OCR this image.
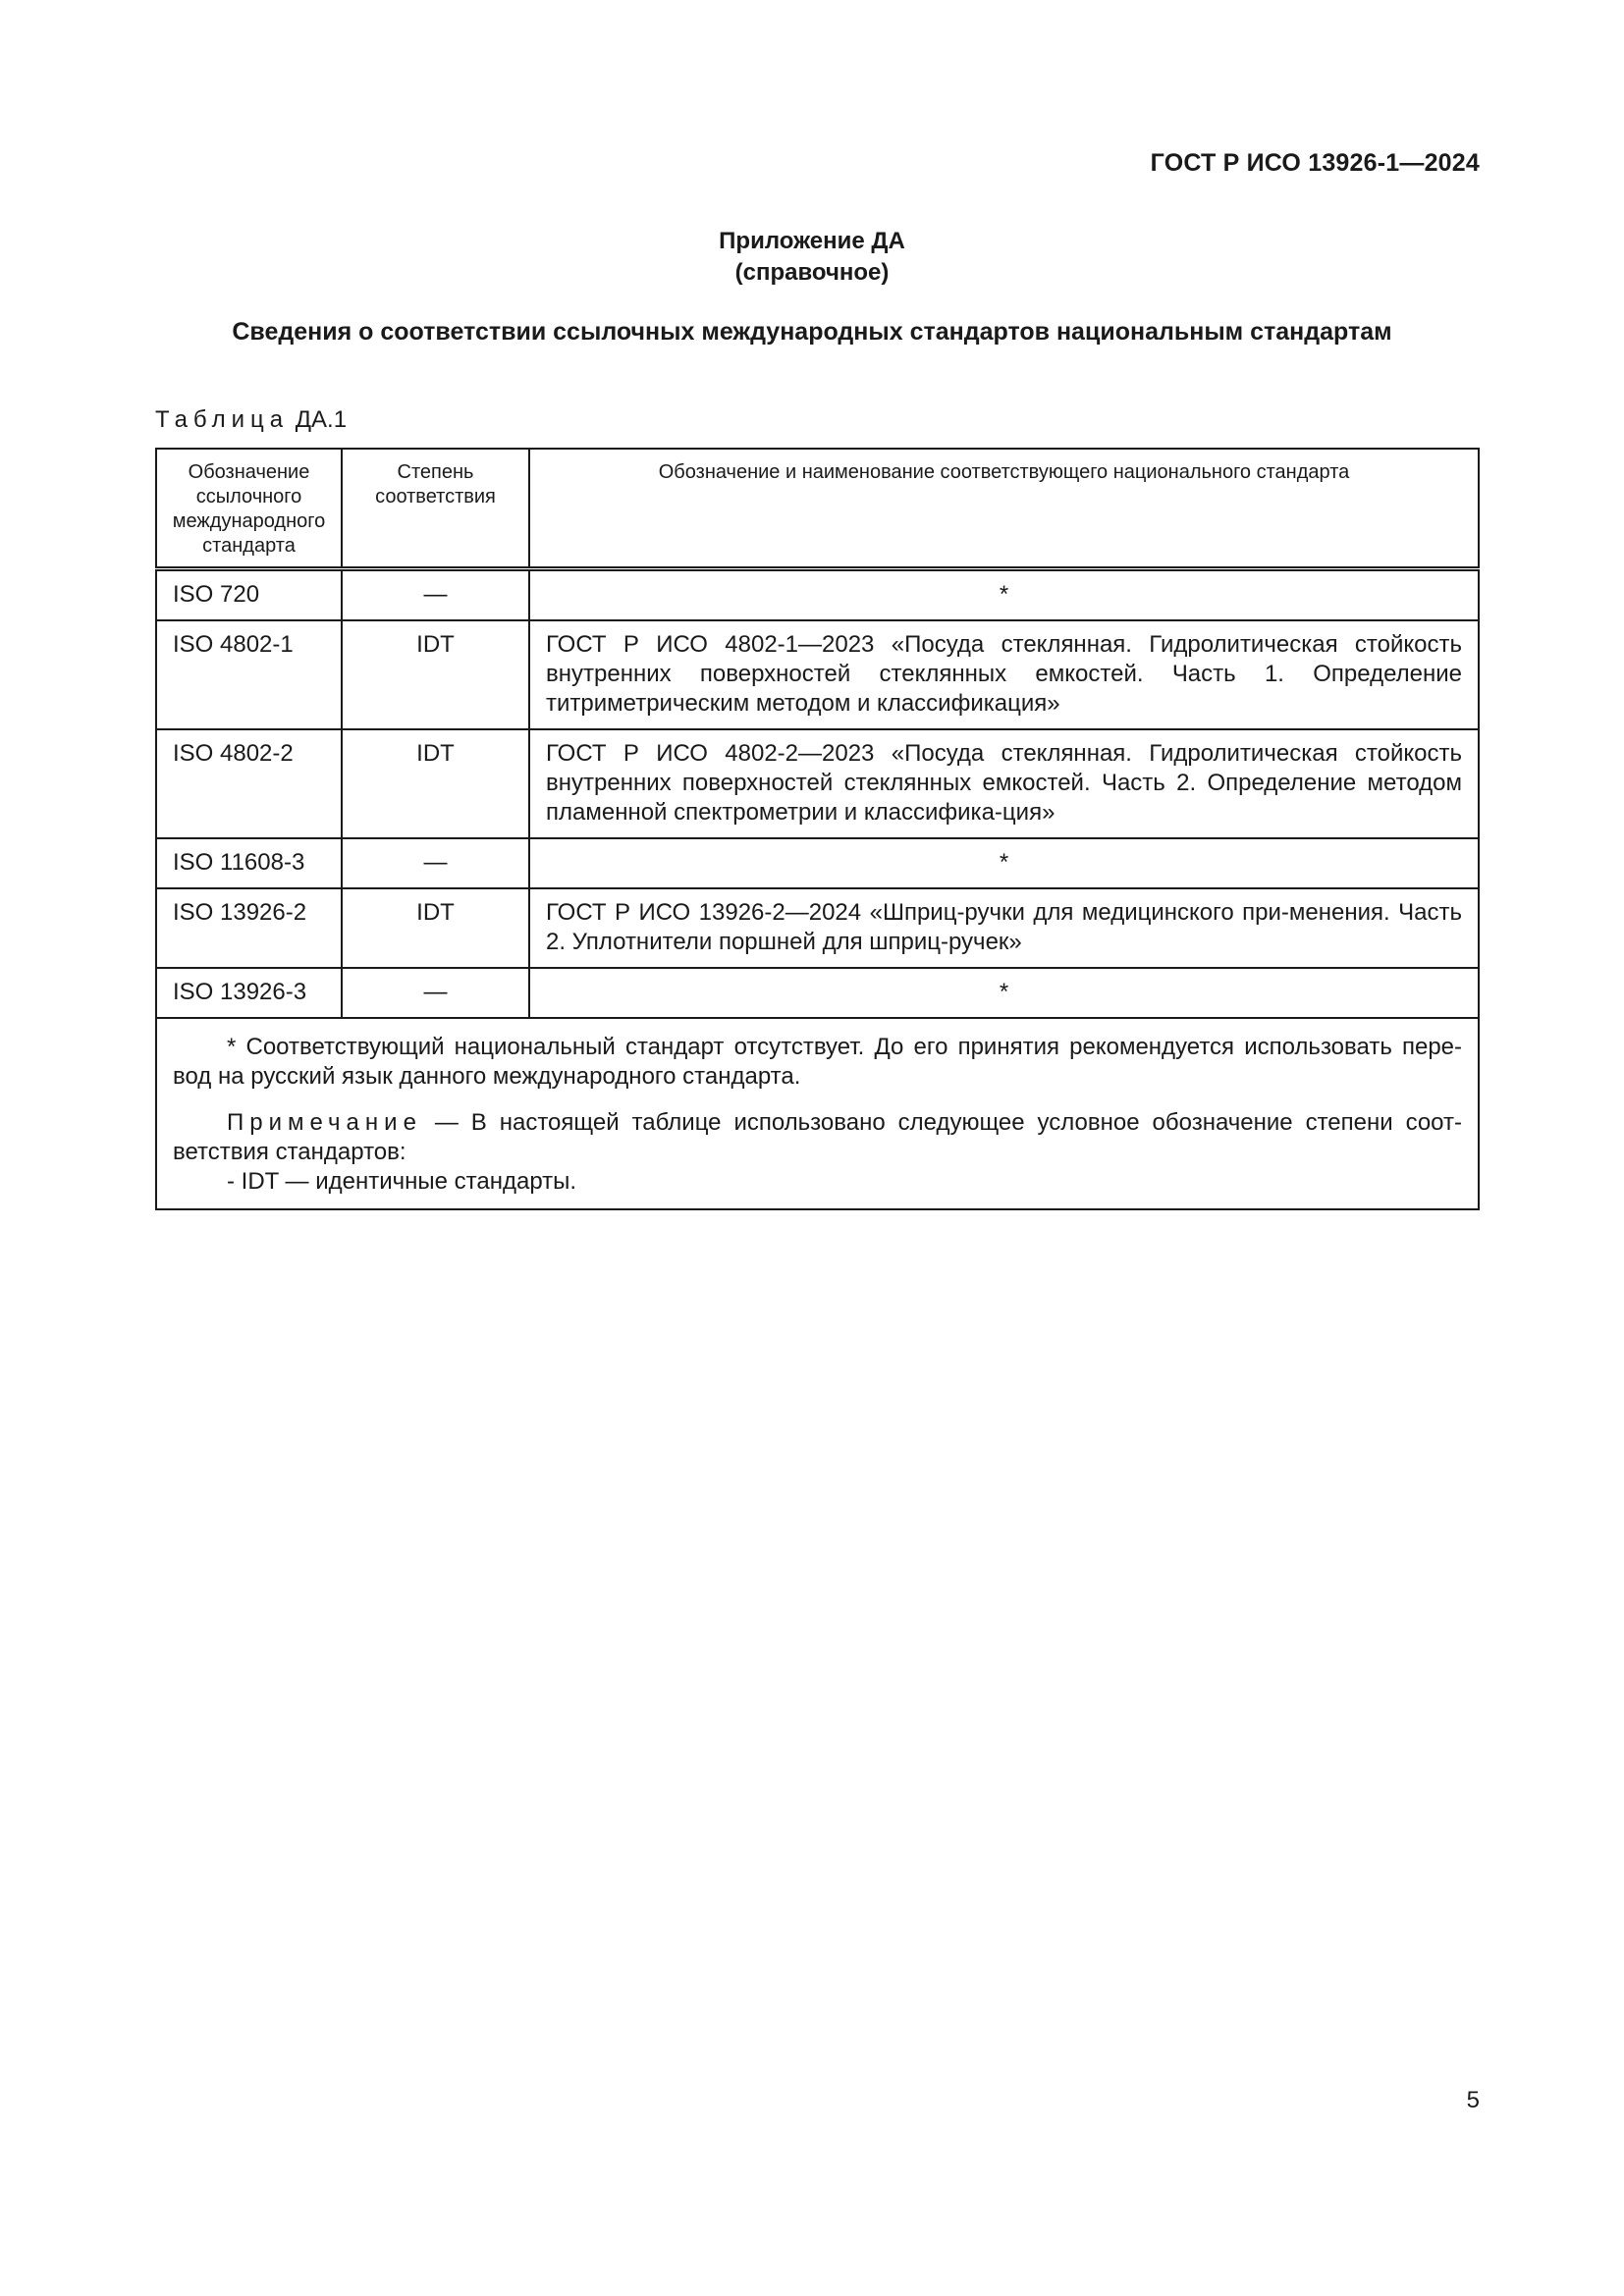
ГОСТ Р ИСО 13926-1—2024
Приложение ДА
(справочное)
Сведения о соответствии ссылочных международных стандартов национальным стандартам
Таблица ДА.1
Обозначение ссылочного международного стандарта	Степень соответствия	Обозначение и наименование соответствующего национального стандарта
ISO 720	—	*
ISO 4802-1	IDT	ГОСТ Р ИСО 4802-1—2023 «Посуда стеклянная. Гидролитическая стойкость внутренних поверхностей стеклянных емкостей. Часть 1. Определение титриметрическим методом и классификация»
ISO 4802-2	IDT	ГОСТ Р ИСО 4802-2—2023 «Посуда стеклянная. Гидролитическая стойкость внутренних поверхностей стеклянных емкостей. Часть 2. Определение методом пламенной спектрометрии и классифика-ция»
ISO 11608-3	—	*
ISO 13926-2	IDT	ГОСТ Р ИСО 13926-2—2024 «Шприц-ручки для медицинского при-менения. Часть 2. Уплотнители поршней для шприц-ручек»
ISO 13926-3	—	*

* Соответствующий национальный стандарт отсутствует. До его принятия рекомендуется использовать пере-вод на русский язык данного международного стандарта.

Примечание — В настоящей таблице использовано следующее условное обозначение степени соот-ветствия стандартов:

- IDT — идентичные стандарты.		

5
